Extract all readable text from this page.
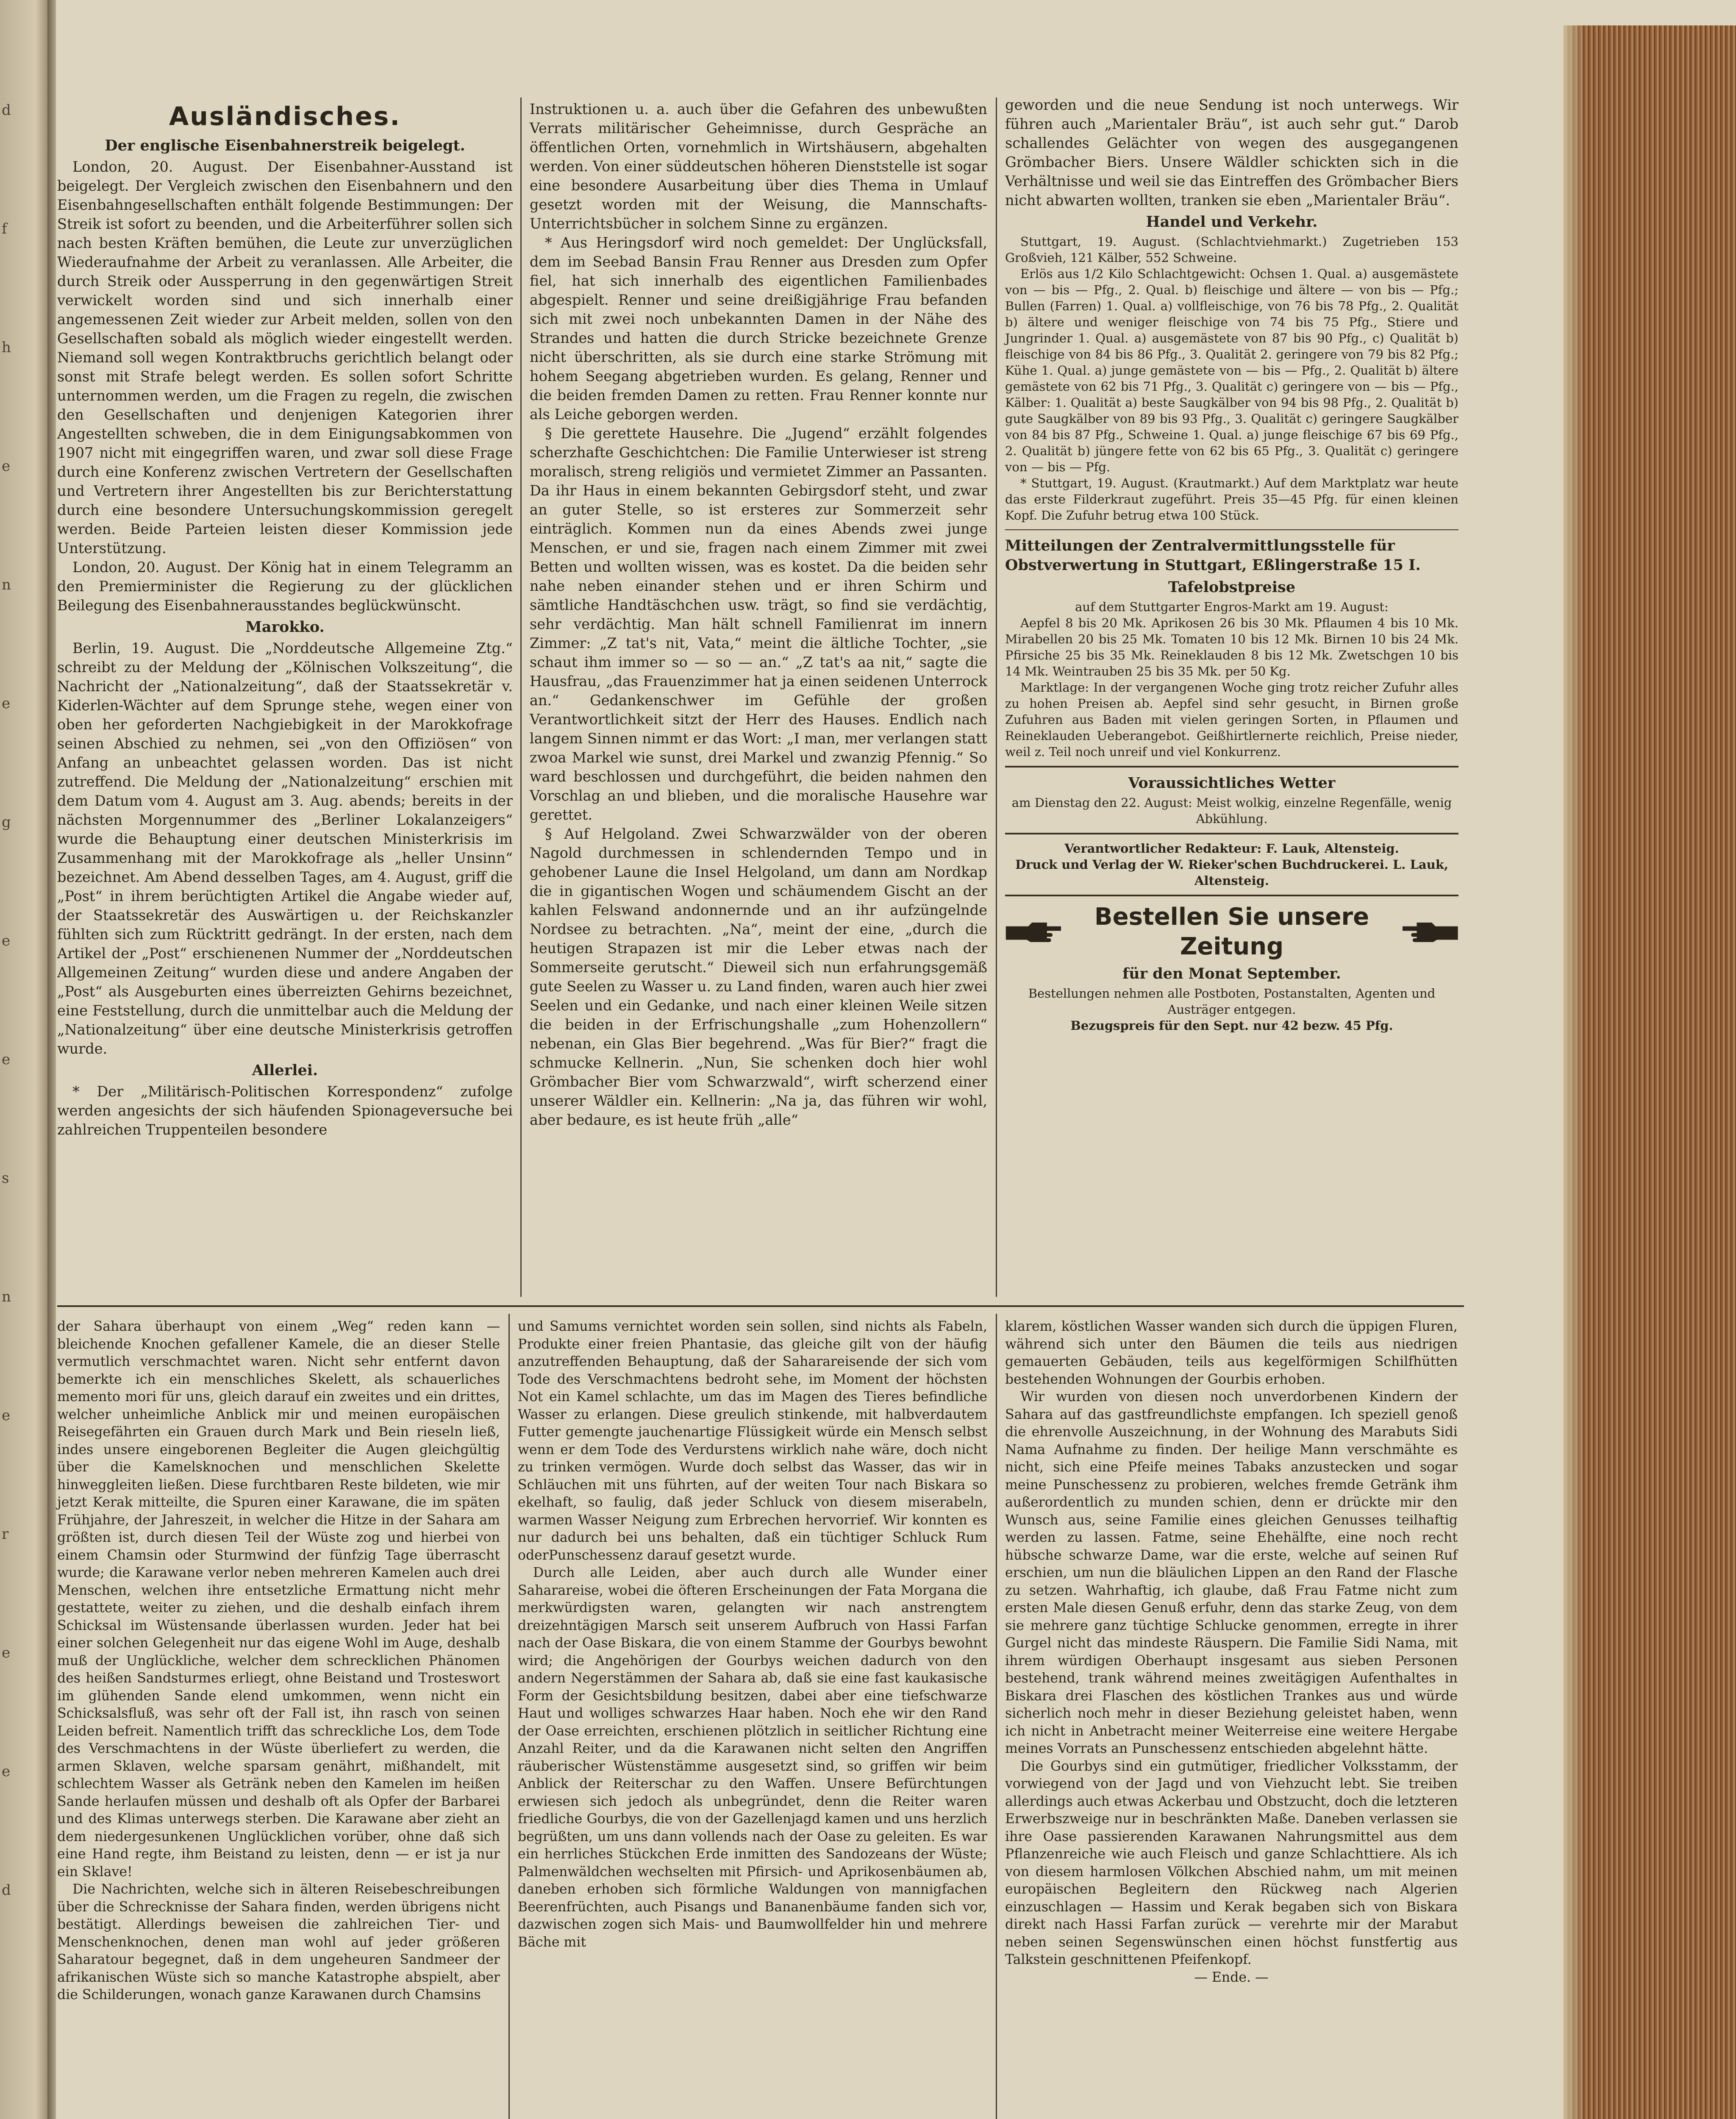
d
f
h
e
n
e
g
e
e
s
n
e
r
e
e
d
Ausländisches.
Der englische Eisenbahnerstreik beigelegt.

London, 20. August. Der Eisenbahner-Ausstand ist beigelegt. Der Vergleich zwischen den Eisenbahnern und den Eisenbahngesellschaften enthält folgende Bestimmungen: Der Streik ist sofort zu beenden, und die Arbeiterführer sollen sich nach besten Kräften bemühen, die Leute zur unverzüglichen Wiederaufnahme der Arbeit zu veranlassen. Alle Arbeiter, die durch Streik oder Aussperrung in den gegenwärtigen Streit verwickelt worden sind und sich innerhalb einer angemessenen Zeit wieder zur Arbeit melden, sollen von den Gesellschaften sobald als möglich wieder eingestellt werden. Niemand soll wegen Kontraktbruchs gerichtlich belangt oder sonst mit Strafe belegt werden. Es sollen sofort Schritte unternommen werden, um die Fragen zu regeln, die zwischen den Gesellschaften und denjenigen Kategorien ihrer Angestellten schweben, die in dem Einigungsabkommen von 1907 nicht mit eingegriffen waren, und zwar soll diese Frage durch eine Konferenz zwischen Vertretern der Gesellschaften und Vertretern ihrer Angestellten bis zur Berichterstattung durch eine besondere Untersuchungskommission geregelt werden. Beide Parteien leisten dieser Kommission jede Unterstützung.

London, 20. August. Der König hat in einem Telegramm an den Premierminister die Regierung zu der glücklichen Beilegung des Eisenbahnerausstandes beglückwünscht.

Marokko.

Berlin, 19. August. Die „Norddeutsche Allgemeine Ztg.“ schreibt zu der Meldung der „Kölnischen Volkszeitung“, die Nachricht der „Nationalzeitung“, daß der Staatssekretär v. Kiderlen-Wächter auf dem Sprunge stehe, wegen einer von oben her geforderten Nachgiebigkeit in der Marokkofrage seinen Abschied zu nehmen, sei „von den Offiziösen“ von Anfang an unbeachtet gelassen worden. Das ist nicht zutreffend. Die Meldung der „Nationalzeitung“ erschien mit dem Datum vom 4. August am 3. Aug. abends; bereits in der nächsten Morgennummer des „Berliner Lokalanzeigers“ wurde die Behauptung einer deutschen Ministerkrisis im Zusammenhang mit der Marokkofrage als „heller Unsinn“ bezeichnet. Am Abend desselben Tages, am 4. August, griff die „Post“ in ihrem berüchtigten Artikel die Angabe wieder auf, der Staatssekretär des Auswärtigen u. der Reichskanzler fühlten sich zum Rücktritt gedrängt. In der ersten, nach dem Artikel der „Post“ erschienenen Nummer der „Norddeutschen Allgemeinen Zeitung“ wurden diese und andere Angaben der „Post“ als Ausgeburten eines überreizten Gehirns bezeichnet, eine Feststellung, durch die unmittelbar auch die Meldung der „Nationalzeitung“ über eine deutsche Ministerkrisis getroffen wurde.

Allerlei.

* Der „Militärisch-Politischen Korrespondenz“ zufolge werden angesichts der sich häufenden Spionageversuche bei zahlreichen Truppenteilen besondere

Instruktionen u. a. auch über die Gefahren des unbewußten Verrats militärischer Geheimnisse, durch Gespräche an öffentlichen Orten, vornehmlich in Wirtshäusern, abgehalten werden. Von einer süddeutschen höheren Dienststelle ist sogar eine besondere Ausarbeitung über dies Thema in Umlauf gesetzt worden mit der Weisung, die Mannschafts-Unterrichtsbücher in solchem Sinne zu ergänzen.

* Aus Heringsdorf wird noch gemeldet: Der Unglücksfall, dem im Seebad Bansin Frau Renner aus Dresden zum Opfer fiel, hat sich innerhalb des eigentlichen Familienbades abgespielt. Renner und seine dreißigjährige Frau befanden sich mit zwei noch unbekannten Damen in der Nähe des Strandes und hatten die durch Stricke bezeichnete Grenze nicht überschritten, als sie durch eine starke Strömung mit hohem Seegang abgetrieben wurden. Es gelang, Renner und die beiden fremden Damen zu retten. Frau Renner konnte nur als Leiche geborgen werden.

§ Die gerettete Hausehre. Die „Jugend“ erzählt folgendes scherzhafte Geschichtchen: Die Familie Unterwieser ist streng moralisch, streng religiös und vermietet Zimmer an Passanten. Da ihr Haus in einem bekannten Gebirgsdorf steht, und zwar an guter Stelle, so ist ersteres zur Sommerzeit sehr einträglich. Kommen nun da eines Abends zwei junge Menschen, er und sie, fragen nach einem Zimmer mit zwei Betten und wollten wissen, was es kostet. Da die beiden sehr nahe neben einander stehen und er ihren Schirm und sämtliche Handtäschchen usw. trägt, so find sie verdächtig, sehr verdächtig. Man hält schnell Familienrat im innern Zimmer: „Z tat's nit, Vata,“ meint die ältliche Tochter, „sie schaut ihm immer so — so — an.“ „Z tat's aa nit,“ sagte die Hausfrau, „das Frauenzimmer hat ja einen seidenen Unterrock an.“ Gedankenschwer im Gefühle der großen Verantwortlichkeit sitzt der Herr des Hauses. Endlich nach langem Sinnen nimmt er das Wort: „I man, mer verlangen statt zwoa Markel wie sunst, drei Markel und zwanzig Pfennig.“ So ward beschlossen und durchgeführt, die beiden nahmen den Vorschlag an und blieben, und die moralische Hausehre war gerettet.

§ Auf Helgoland. Zwei Schwarzwälder von der oberen Nagold durchmessen in schlendernden Tempo und in gehobener Laune die Insel Helgoland, um dann am Nordkap die in gigantischen Wogen und schäumendem Gischt an der kahlen Felswand andonnernde und an ihr aufzüngelnde Nordsee zu betrachten. „Na“, meint der eine, „durch die heutigen Strapazen ist mir die Leber etwas nach der Sommerseite gerutscht.“ Dieweil sich nun erfahrungsgemäß gute Seelen zu Wasser u. zu Land finden, waren auch hier zwei Seelen und ein Gedanke, und nach einer kleinen Weile sitzen die beiden in der Erfrischungshalle „zum Hohenzollern“ nebenan, ein Glas Bier begehrend. „Was für Bier?“ fragt die schmucke Kellnerin. „Nun, Sie schenken doch hier wohl Grömbacher Bier vom Schwarzwald“, wirft scherzend einer unserer Wäldler ein. Kellnerin: „Na ja, das führen wir wohl, aber bedaure, es ist heute früh „alle“

geworden und die neue Sendung ist noch unterwegs. Wir führen auch „Marientaler Bräu“, ist auch sehr gut.“ Darob schallendes Gelächter von wegen des ausgegangenen Grömbacher Biers. Unsere Wäldler schickten sich in die Verhältnisse und weil sie das Eintreffen des Grömbacher Biers nicht abwarten wollten, tranken sie eben „Marientaler Bräu“.

Handel und Verkehr.

Stuttgart, 19. August. (Schlachtviehmarkt.) Zugetrieben 153 Großvieh, 121 Kälber, 552 Schweine.

Erlös aus 1/2 Kilo Schlachtgewicht: Ochsen 1. Qual. a) ausgemästete von — bis — Pfg., 2. Qual. b) fleischige und ältere — von bis — Pfg.; Bullen (Farren) 1. Qual. a) vollfleischige, von 76 bis 78 Pfg., 2. Qualität b) ältere und weniger fleischige von 74 bis 75 Pfg., Stiere und Jungrinder 1. Qual. a) ausgemästete von 87 bis 90 Pfg., c) Qualität b) fleischige von 84 bis 86 Pfg., 3. Qualität 2. geringere von 79 bis 82 Pfg.; Kühe 1. Qual. a) junge gemästete von — bis — Pfg., 2. Qualität b) ältere gemästete von 62 bis 71 Pfg., 3. Qualität c) geringere von — bis — Pfg., Kälber: 1. Qualität a) beste Saugkälber von 94 bis 98 Pfg., 2. Qualität b) gute Saugkälber von 89 bis 93 Pfg., 3. Qualität c) geringere Saugkälber von 84 bis 87 Pfg., Schweine 1. Qual. a) junge fleischige 67 bis 69 Pfg., 2. Qualität b) jüngere fette von 62 bis 65 Pfg., 3. Qualität c) geringere von — bis — Pfg.

* Stuttgart, 19. August. (Krautmarkt.) Auf dem Marktplatz war heute das erste Filderkraut zugeführt. Preis 35—45 Pfg. für einen kleinen Kopf. Die Zufuhr betrug etwa 100 Stück.

Mitteilungen der Zentralvermittlungsstelle für Obstverwertung in Stuttgart, Eßlingerstraße 15 I.
Tafelobstpreise

auf dem Stuttgarter Engros-Markt am 19. August:

Aepfel 8 bis 20 Mk. Aprikosen 26 bis 30 Mk. Pflaumen 4 bis 10 Mk. Mirabellen 20 bis 25 Mk. Tomaten 10 bis 12 Mk. Birnen 10 bis 24 Mk. Pfirsiche 25 bis 35 Mk. Reineklauden 8 bis 12 Mk. Zwetschgen 10 bis 14 Mk. Weintrauben 25 bis 35 Mk. per 50 Kg.

Marktlage: In der vergangenen Woche ging trotz reicher Zufuhr alles zu hohen Preisen ab. Aepfel sind sehr gesucht, in Birnen große Zufuhren aus Baden mit vielen geringen Sorten, in Pflaumen und Reineklauden Ueberangebot. Geißhirtlernerte reichlich, Preise nieder, weil z. Teil noch unreif und viel Konkurrenz.

Voraussichtliches Wetter

am Dienstag den 22. August: Meist wolkig, einzelne Regenfälle, wenig Abkühlung.

Verantwortlicher Redakteur: F. Lauk, Altensteig.

Druck und Verlag der W. Rieker'schen Buchdruckerei. L. Lauk, Altensteig.

Bestellen Sie unsere Zeitung
für den Monat September.

Bestellungen nehmen alle Postboten, Postanstalten, Agenten und Austräger entgegen.

Bezugspreis für den Sept. nur 42 bezw. 45 Pfg.

der Sahara überhaupt von einem „Weg“ reden kann — bleichende Knochen gefallener Kamele, die an dieser Stelle vermutlich verschmachtet waren. Nicht sehr entfernt davon bemerkte ich ein menschliches Skelett, als schauerliches memento mori für uns, gleich darauf ein zweites und ein drittes, welcher unheimliche Anblick mir und meinen europäischen Reisegefährten ein Grauen durch Mark und Bein rieseln ließ, indes unsere eingeborenen Begleiter die Augen gleichgültig über die Kamelsknochen und menschlichen Skelette hinweggleiten ließen. Diese furchtbaren Reste bildeten, wie mir jetzt Kerak mitteilte, die Spuren einer Karawane, die im späten Frühjahre, der Jahreszeit, in welcher die Hitze in der Sahara am größten ist, durch diesen Teil der Wüste zog und hierbei von einem Chamsin oder Sturmwind der fünfzig Tage überrascht wurde; die Karawane verlor neben mehreren Kamelen auch drei Menschen, welchen ihre entsetzliche Ermattung nicht mehr gestattete, weiter zu ziehen, und die deshalb einfach ihrem Schicksal im Wüstensande überlassen wurden. Jeder hat bei einer solchen Gelegenheit nur das eigene Wohl im Auge, deshalb muß der Unglückliche, welcher dem schrecklichen Phänomen des heißen Sandsturmes erliegt, ohne Beistand und Trosteswort im glühenden Sande elend umkommen, wenn nicht ein Schicksalsfluß, was sehr oft der Fall ist, ihn rasch von seinen Leiden befreit. Namentlich trifft das schreckliche Los, dem Tode des Verschmachtens in der Wüste überliefert zu werden, die armen Sklaven, welche sparsam genährt, mißhandelt, mit schlechtem Wasser als Getränk neben den Kamelen im heißen Sande herlaufen müssen und deshalb oft als Opfer der Barbarei und des Klimas unterwegs sterben. Die Karawane aber zieht an dem niedergesunkenen Unglücklichen vorüber, ohne daß sich eine Hand regte, ihm Beistand zu leisten, denn — er ist ja nur ein Sklave!

Die Nachrichten, welche sich in älteren Reisebeschreibungen über die Schrecknisse der Sahara finden, werden übrigens nicht bestätigt. Allerdings beweisen die zahlreichen Tier- und Menschenknochen, denen man wohl auf jeder größeren Saharatour begegnet, daß in dem ungeheuren Sandmeer der afrikanischen Wüste sich so manche Katastrophe abspielt, aber die Schilderungen, wonach ganze Karawanen durch Chamsins

und Samums vernichtet worden sein sollen, sind nichts als Fabeln, Produkte einer freien Phantasie, das gleiche gilt von der häufig anzutreffenden Behauptung, daß der Saharareisende der sich vom Tode des Verschmachtens bedroht sehe, im Moment der höchsten Not ein Kamel schlachte, um das im Magen des Tieres befindliche Wasser zu erlangen. Diese greulich stinkende, mit halbverdautem Futter gemengte jauchenartige Flüssigkeit würde ein Mensch selbst wenn er dem Tode des Verdurstens wirklich nahe wäre, doch nicht zu trinken vermögen. Wurde doch selbst das Wasser, das wir in Schläuchen mit uns führten, auf der weiten Tour nach Biskara so ekelhaft, so faulig, daß jeder Schluck von diesem miserabeln, warmen Wasser Neigung zum Erbrechen hervorrief. Wir konnten es nur dadurch bei uns behalten, daß ein tüchtiger Schluck Rum oderPunschessenz darauf gesetzt wurde.

Durch alle Leiden, aber auch durch alle Wunder einer Saharareise, wobei die öfteren Erscheinungen der Fata Morgana die merkwürdigsten waren, gelangten wir nach anstrengtem dreizehntägigen Marsch seit unserem Aufbruch von Hassi Farfan nach der Oase Biskara, die von einem Stamme der Gourbys bewohnt wird; die Angehörigen der Gourbys weichen dadurch von den andern Negerstämmen der Sahara ab, daß sie eine fast kaukasische Form der Gesichtsbildung besitzen, dabei aber eine tiefschwarze Haut und wolliges schwarzes Haar haben. Noch ehe wir den Rand der Oase erreichten, erschienen plötzlich in seitlicher Richtung eine Anzahl Reiter, und da die Karawanen nicht selten den Angriffen räuberischer Wüstenstämme ausgesetzt sind, so griffen wir beim Anblick der Reiterschar zu den Waffen. Unsere Befürchtungen erwiesen sich jedoch als unbegründet, denn die Reiter waren friedliche Gourbys, die von der Gazellenjagd kamen und uns herzlich begrüßten, um uns dann vollends nach der Oase zu geleiten. Es war ein herrliches Stückchen Erde inmitten des Sandozeans der Wüste; Palmenwäldchen wechselten mit Pfirsich- und Aprikosenbäumen ab, daneben erhoben sich förmliche Waldungen von mannigfachen Beerenfrüchten, auch Pisangs und Bananenbäume fanden sich vor, dazwischen zogen sich Mais- und Baumwollfelder hin und mehrere Bäche mit

klarem, köstlichen Wasser wanden sich durch die üppigen Fluren, während sich unter den Bäumen die teils aus niedrigen gemauerten Gebäuden, teils aus kegelförmigen Schilfhütten bestehenden Wohnungen der Gourbis erhoben.

Wir wurden von diesen noch unverdorbenen Kindern der Sahara auf das gastfreundlichste empfangen. Ich speziell genoß die ehrenvolle Auszeichnung, in der Wohnung des Marabuts Sidi Nama Aufnahme zu finden. Der heilige Mann verschmähte es nicht, sich eine Pfeife meines Tabaks anzustecken und sogar meine Punschessenz zu probieren, welches fremde Getränk ihm außerordentlich zu munden schien, denn er drückte mir den Wunsch aus, seine Familie eines gleichen Genusses teilhaftig werden zu lassen. Fatme, seine Ehehälfte, eine noch recht hübsche schwarze Dame, war die erste, welche auf seinen Ruf erschien, um nun die bläulichen Lippen an den Rand der Flasche zu setzen. Wahrhaftig, ich glaube, daß Frau Fatme nicht zum ersten Male diesen Genuß erfuhr, denn das starke Zeug, von dem sie mehrere ganz tüchtige Schlucke genommen, erregte in ihrer Gurgel nicht das mindeste Räuspern. Die Familie Sidi Nama, mit ihrem würdigen Oberhaupt insgesamt aus sieben Personen bestehend, trank während meines zweitägigen Aufenthaltes in Biskara drei Flaschen des köstlichen Trankes aus und würde sicherlich noch mehr in dieser Beziehung geleistet haben, wenn ich nicht in Anbetracht meiner Weiterreise eine weitere Hergabe meines Vorrats an Punschessenz entschieden abgelehnt hätte.

Die Gourbys sind ein gutmütiger, friedlicher Volksstamm, der vorwiegend von der Jagd und von Viehzucht lebt. Sie treiben allerdings auch etwas Ackerbau und Obstzucht, doch die letzteren Erwerbszweige nur in beschränkten Maße. Daneben verlassen sie ihre Oase passierenden Karawanen Nahrungsmittel aus dem Pflanzenreiche wie auch Fleisch und ganze Schlachttiere. Als ich von diesem harmlosen Völkchen Abschied nahm, um mit meinen europäischen Begleitern den Rückweg nach Algerien einzuschlagen — Hassim und Kerak begaben sich von Biskara direkt nach Hassi Farfan zurück — verehrte mir der Marabut neben seinen Segenswünschen einen höchst funstfertig aus Talkstein geschnittenen Pfeifenkopf.

— Ende. —
